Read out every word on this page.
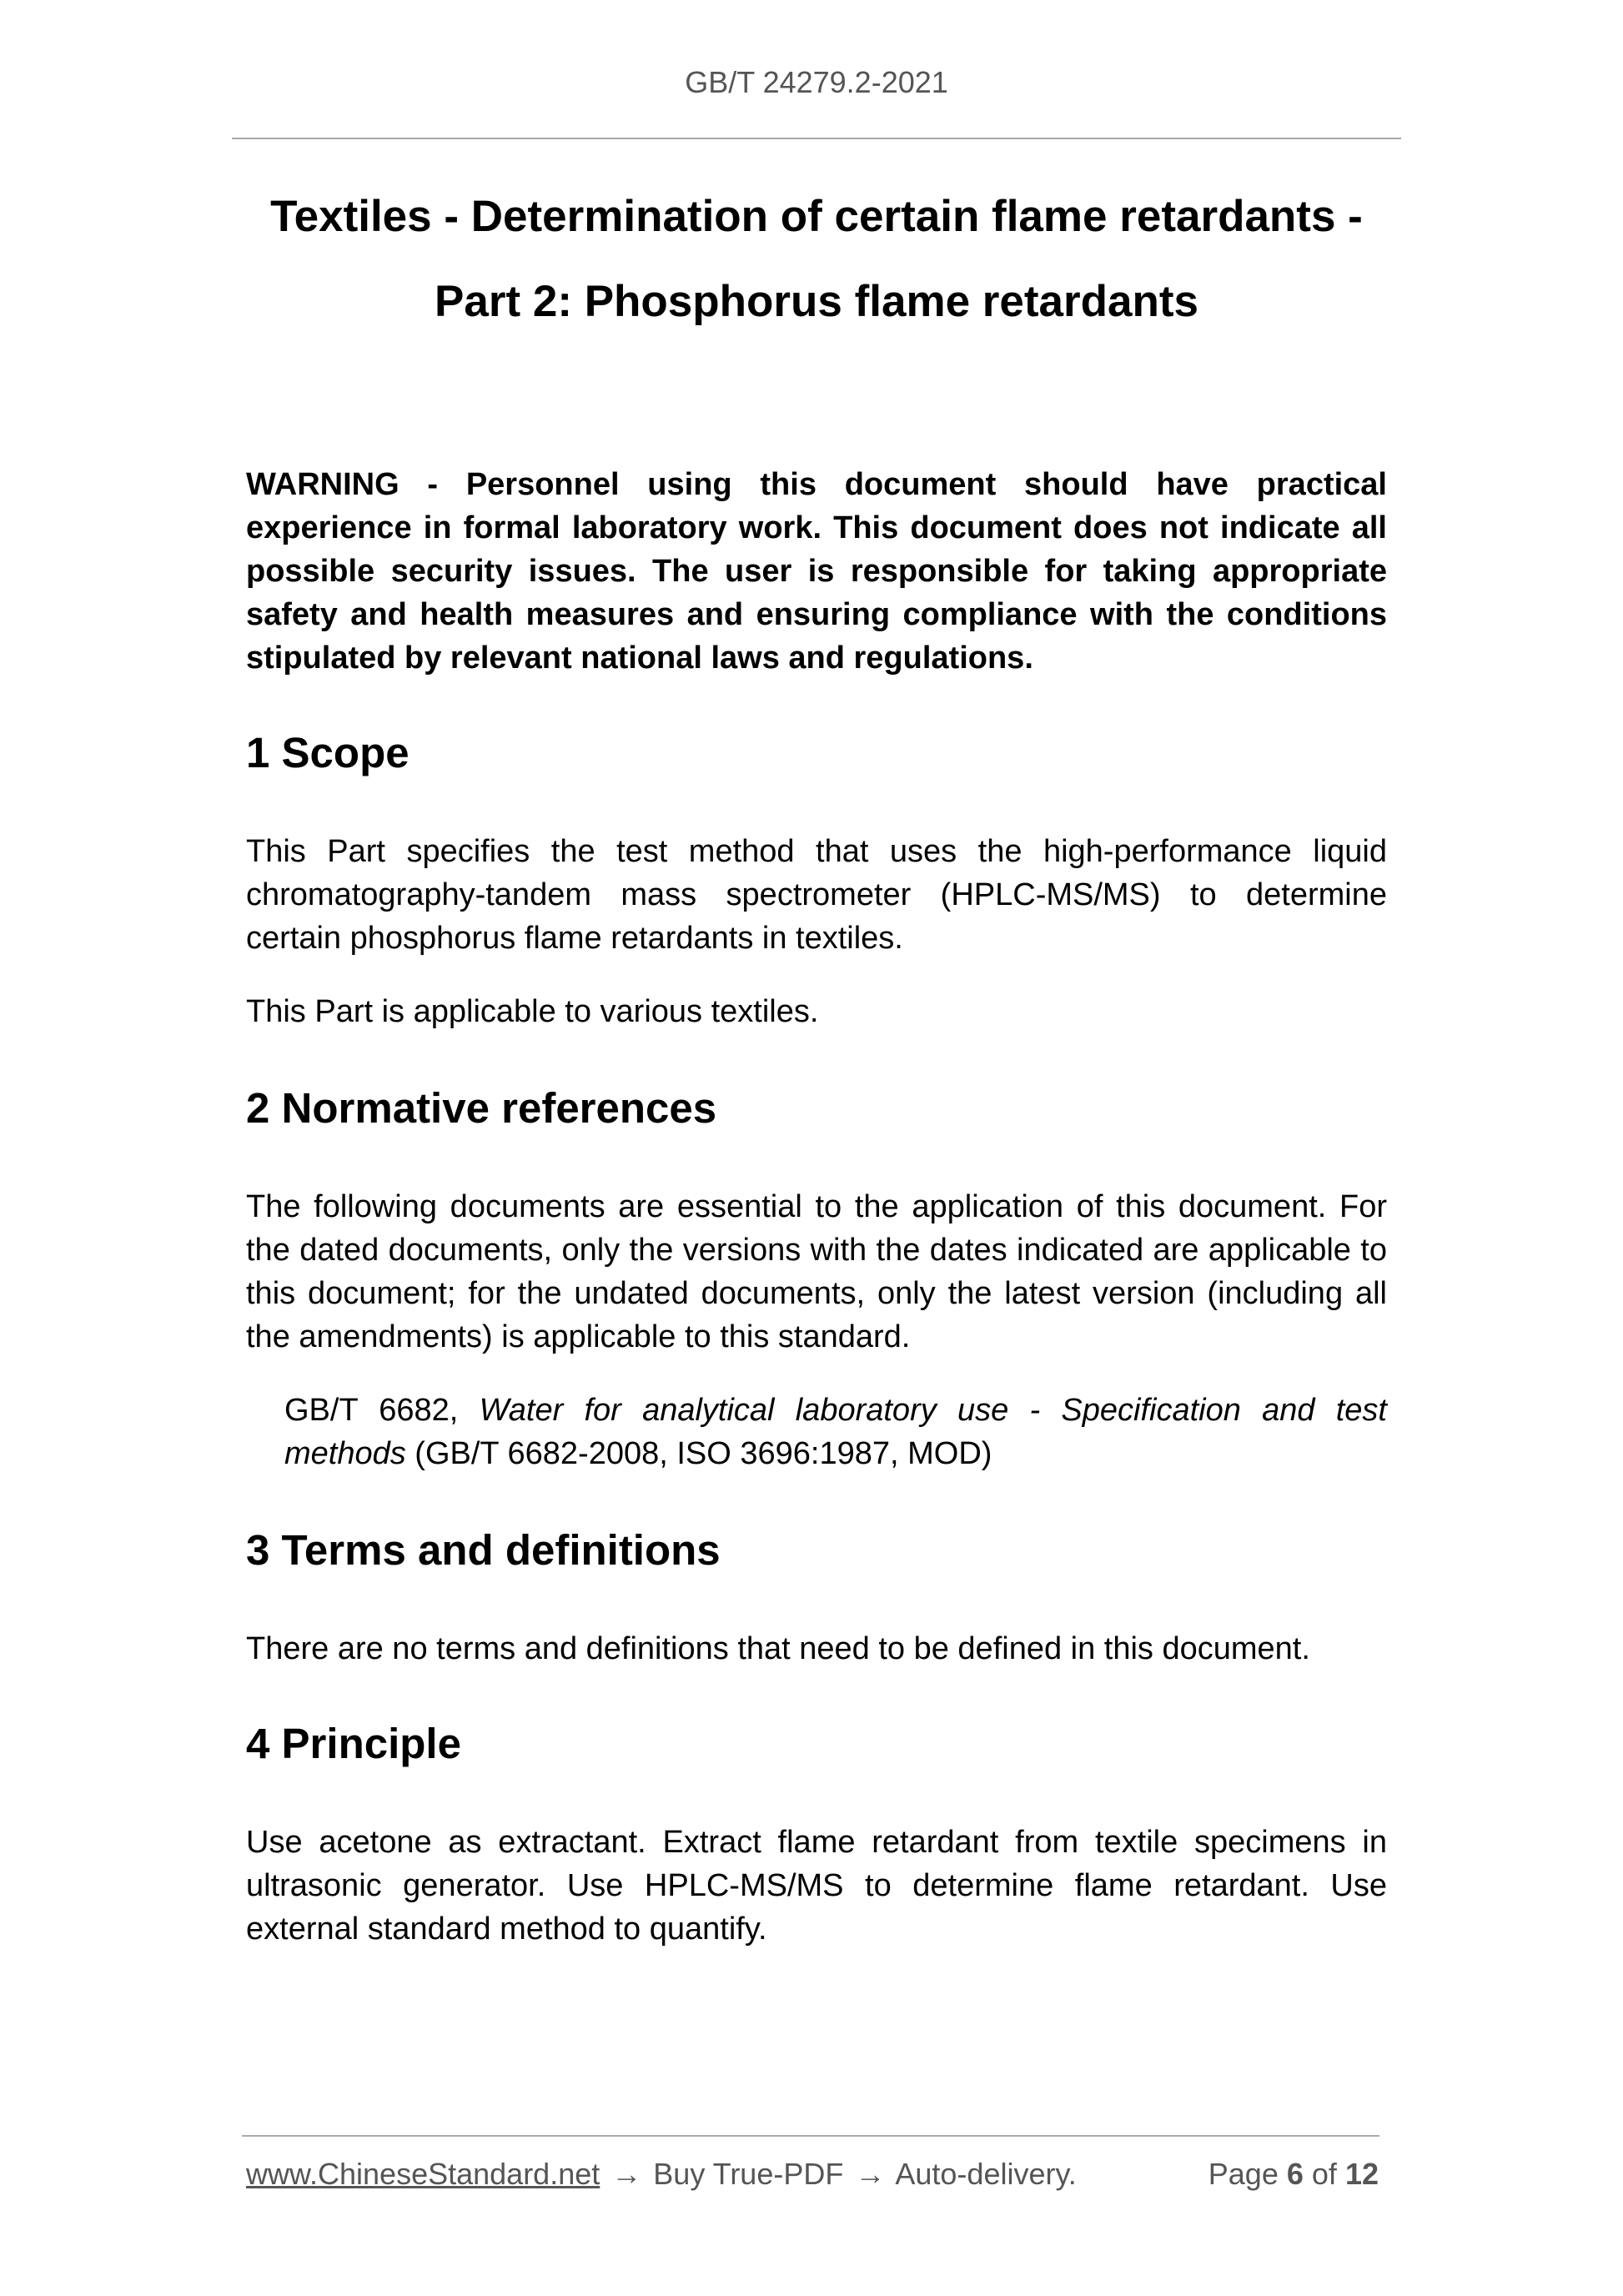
GB/T 24279.2-2021
Textiles - Determination of certain flame retardants -
Part 2: Phosphorus flame retardants
WARNING - Personnel using this document should have practical experience in formal laboratory work. This document does not indicate all possible security issues. The user is responsible for taking appropriate safety and health measures and ensuring compliance with the conditions stipulated by relevant national laws and regulations.
1 Scope

This Part specifies the test method that uses the high-performance liquid chromatography-tandem mass spectrometer (HPLC-MS/MS) to determine certain phosphorus flame retardants in textiles.

This Part is applicable to various textiles.

2 Normative references

The following documents are essential to the application of this document. For the dated documents, only the versions with the dates indicated are applicable to this document; for the undated documents, only the latest version (including all the amendments) is applicable to this standard.

GB/T 6682, Water for analytical laboratory use - Specification and test methods (GB/T 6682-2008, ISO 3696:1987, MOD)

3 Terms and definitions

There are no terms and definitions that need to be defined in this document.

4 Principle

Use acetone as extractant. Extract flame retardant from textile specimens in ultrasonic generator. Use HPLC-MS/MS to determine flame retardant. Use external standard method to quantify.

www.ChineseStandard.net → Buy True-PDF → Auto-delivery.	Page 6 of 12
